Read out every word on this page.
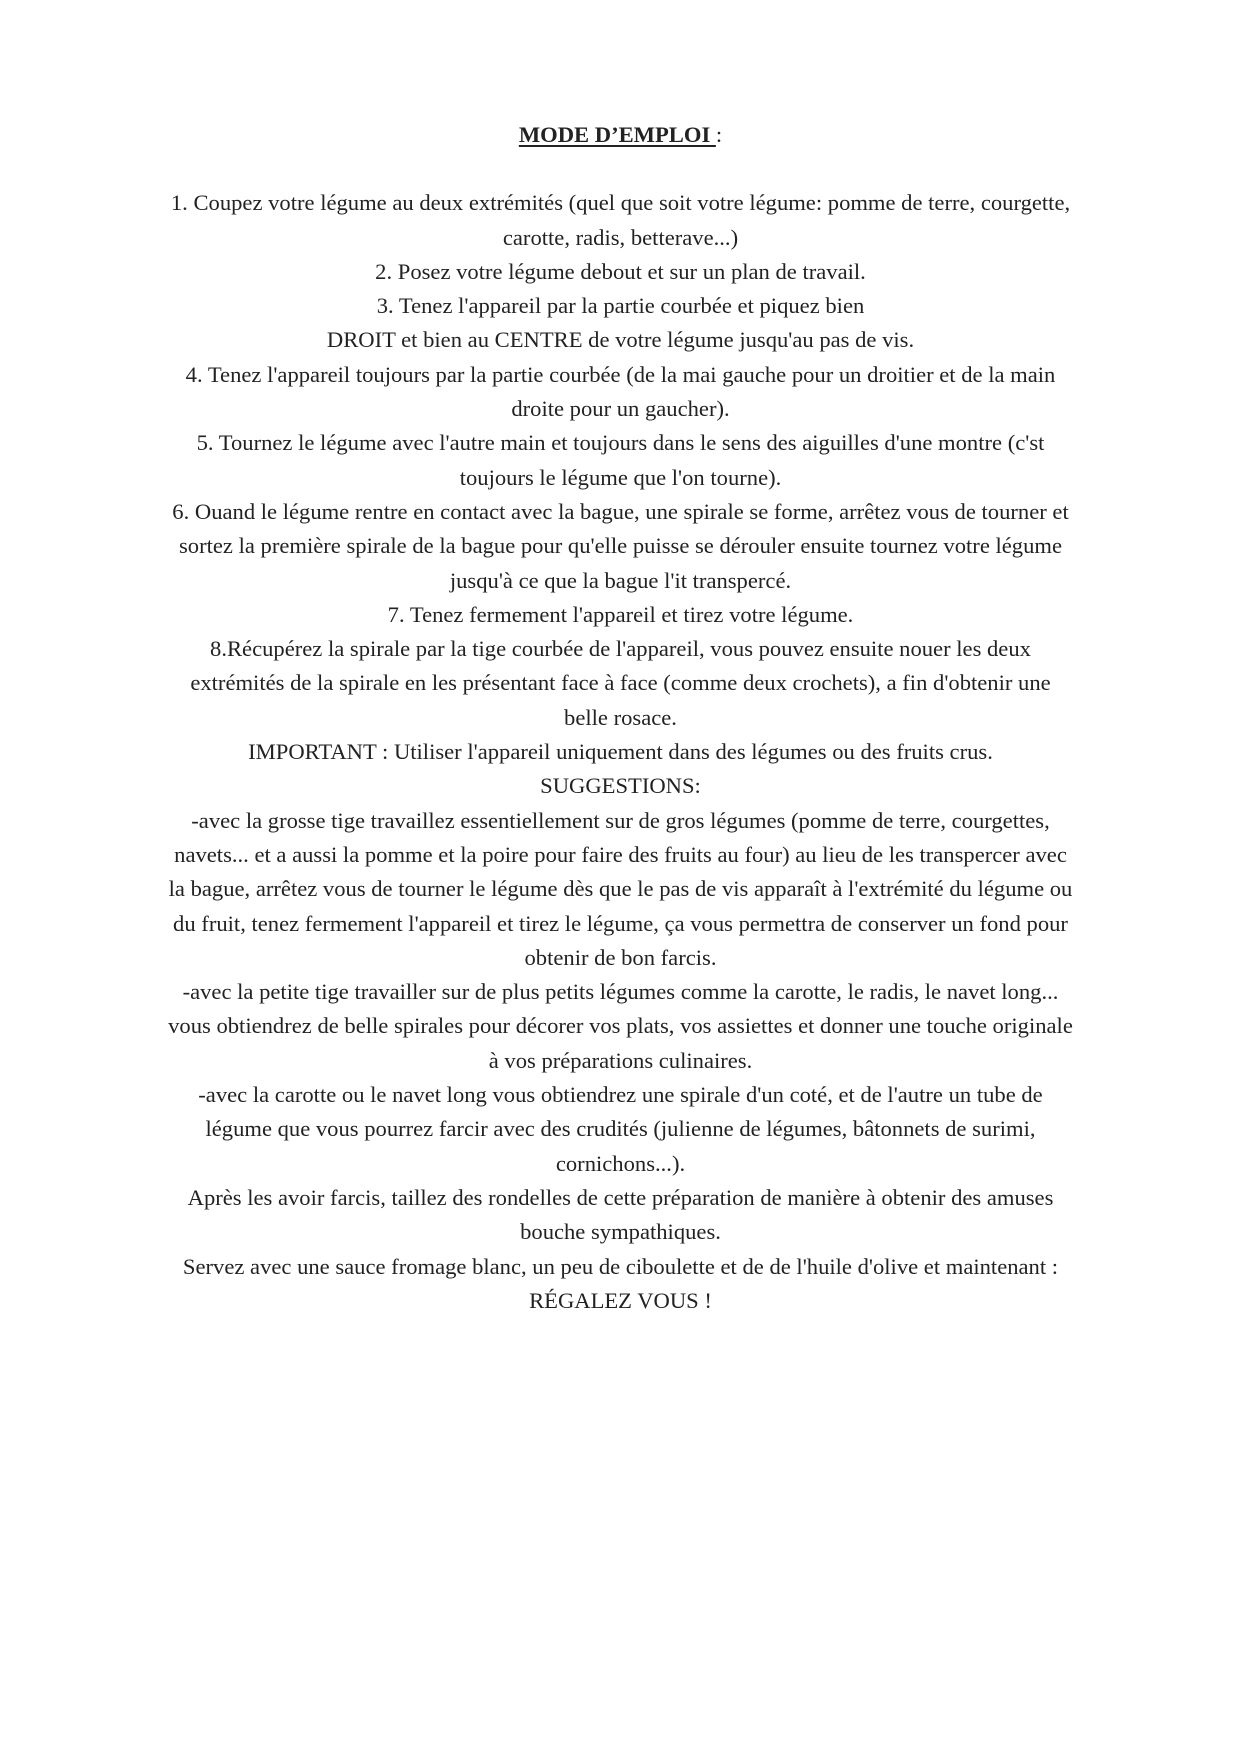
MODE D’EMPLOI :

1. Coupez votre légume au deux extrémités (quel que soit votre légume: pomme de terre, courgette,
carotte, radis, betterave...)

2. Posez votre légume debout et sur un plan de travail.

3. Tenez l'appareil par la partie courbée et piquez bien
DROIT et bien au CENTRE de votre légume jusqu'au pas de vis.

4. Tenez l'appareil toujours par la partie courbée (de la mai gauche pour un droitier et de la main
droite pour un gaucher).

5. Tournez le légume avec l'autre main et toujours dans le sens des aiguilles d'une montre (c'st
toujours le légume que l'on tourne).

6. Ouand le légume rentre en contact avec la bague, une spirale se forme, arrêtez vous de tourner et
sortez la première spirale de la bague pour qu'elle puisse se dérouler ensuite tournez votre légume
jusqu'à ce que la bague l'it transpercé.

7. Tenez fermement l'appareil et tirez votre légume.

8.Récupérez la spirale par la tige courbée de l'appareil, vous pouvez ensuite nouer les deux
extrémités de la spirale en les présentant face à face (comme deux crochets), a fin d'obtenir une
belle rosace.

IMPORTANT : Utiliser l'appareil uniquement dans des légumes ou des fruits crus.

SUGGESTIONS:

-avec la grosse tige travaillez essentiellement sur de gros légumes (pomme de terre, courgettes,
navets... et a aussi la pomme et la poire pour faire des fruits au four) au lieu de les transpercer avec
la bague, arrêtez vous de tourner le légume dès que le pas de vis apparaît à l'extrémité du légume ou
du fruit, tenez fermement l'appareil et tirez le légume, ça vous permettra de conserver un fond pour
obtenir de bon farcis.

-avec la petite tige travailler sur de plus petits légumes comme la carotte, le radis, le navet long...
vous obtiendrez de belle spirales pour décorer vos plats, vos assiettes et donner une touche originale
à vos préparations culinaires.

-avec la carotte ou le navet long vous obtiendrez une spirale d'un coté, et de l'autre un tube de
légume que vous pourrez farcir avec des crudités (julienne de légumes, bâtonnets de surimi,
cornichons...).

Après les avoir farcis, taillez des rondelles de cette préparation de manière à obtenir des amuses
bouche sympathiques.

Servez avec une sauce fromage blanc, un peu de ciboulette et de de l'huile d'olive et maintenant :
RÉGALEZ VOUS !
